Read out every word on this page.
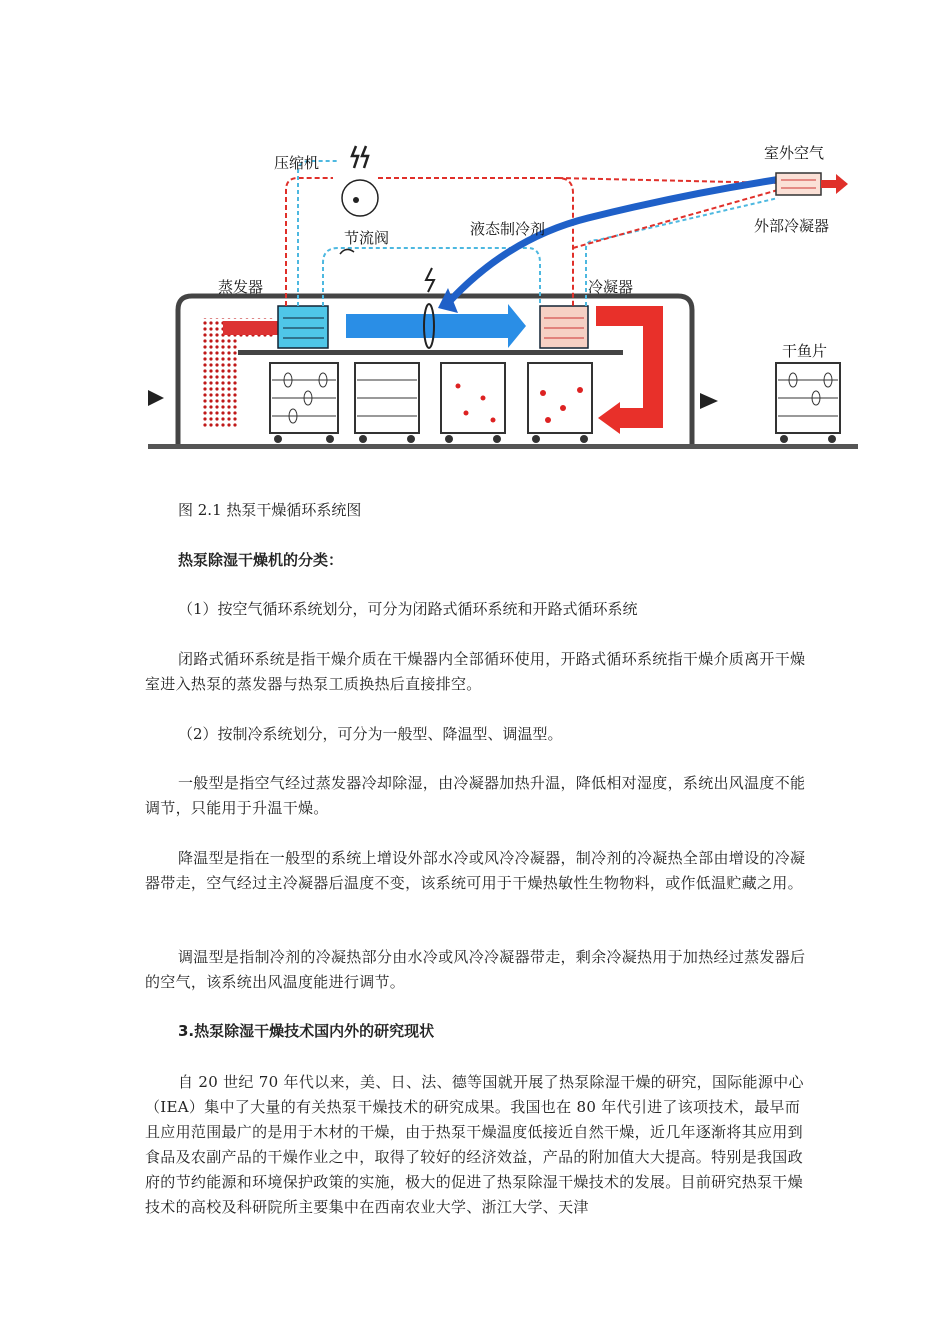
压缩机
节流阀	液态制冷剂
室外空气
外部冷凝器
蒸发器	冷凝器
干鱼片

图 2.1 热泵干燥循环系统图

热泵除湿干燥机的分类：

（1）按空气循环系统划分，可分为闭路式循环系统和开路式循环系统

闭路式循环系统是指干燥介质在干燥器内全部循环使用，开路式循环系统指干燥介质离开干燥室进入热泵的蒸发器与热泵工质换热后直接排空。

（2）按制冷系统划分，可分为一般型、降温型、调温型。

一般型是指空气经过蒸发器冷却除湿，由冷凝器加热升温，降低相对湿度，系统出风温度不能调节，只能用于升温干燥。

降温型是指在一般型的系统上增设外部水冷或风冷冷凝器，制冷剂的冷凝热全部由增设的冷凝器带走，空气经过主冷凝器后温度不变，该系统可用于干燥热敏性生物物料，或作低温贮藏之用。

调温型是指制冷剂的冷凝热部分由水冷或风冷冷凝器带走，剩余冷凝热用于加热经过蒸发器后的空气，该系统出风温度能进行调节。

3.热泵除湿干燥技术国内外的研究现状

自 20 世纪 70 年代以来，美、日、法、德等国就开展了热泵除湿干燥的研究，国际能源中心（IEA）集中了大量的有关热泵干燥技术的研究成果。我国也在 80 年代引进了该项技术，最早而且应用范围最广的是用于木材的干燥，由于热泵干燥温度低接近自然干燥，近几年逐渐将其应用到食品及农副产品的干燥作业之中，取得了较好的经济效益，产品的附加值大大提高。特别是我国政府的节约能源和环境保护政策的实施，极大的促进了热泵除湿干燥技术的发展。目前研究热泵干燥技术的高校及科研院所主要集中在西南农业大学、浙江大学、天津
